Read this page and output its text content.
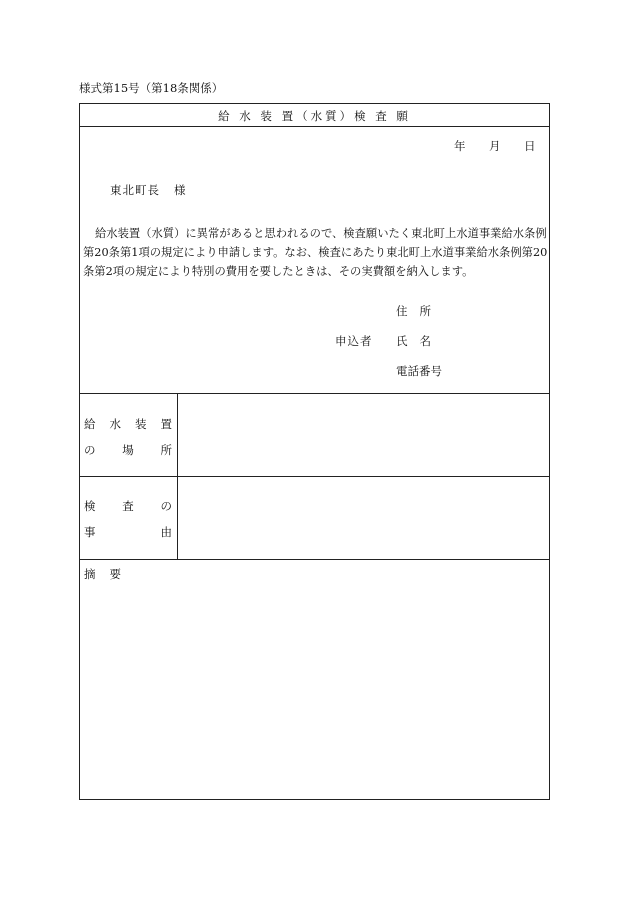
様式第15号（第18条関係）
給 水 装 置（水質）検 査 願
年 月 日
東北町長 様
給水装置（水質）に異常があると思われるので、検査願いたく東北町上水道事業給水条例第20条第1項の規定により申請します。なお、検査にあたり東北町上水道事業給水条例第20条第2項の規定により特別の費用を要したときは、その実費額を納入します。
住 所
申込者 氏 名
電話番号
給 水 装 置
の 場 所
検 査 の
事	由
摘 要
